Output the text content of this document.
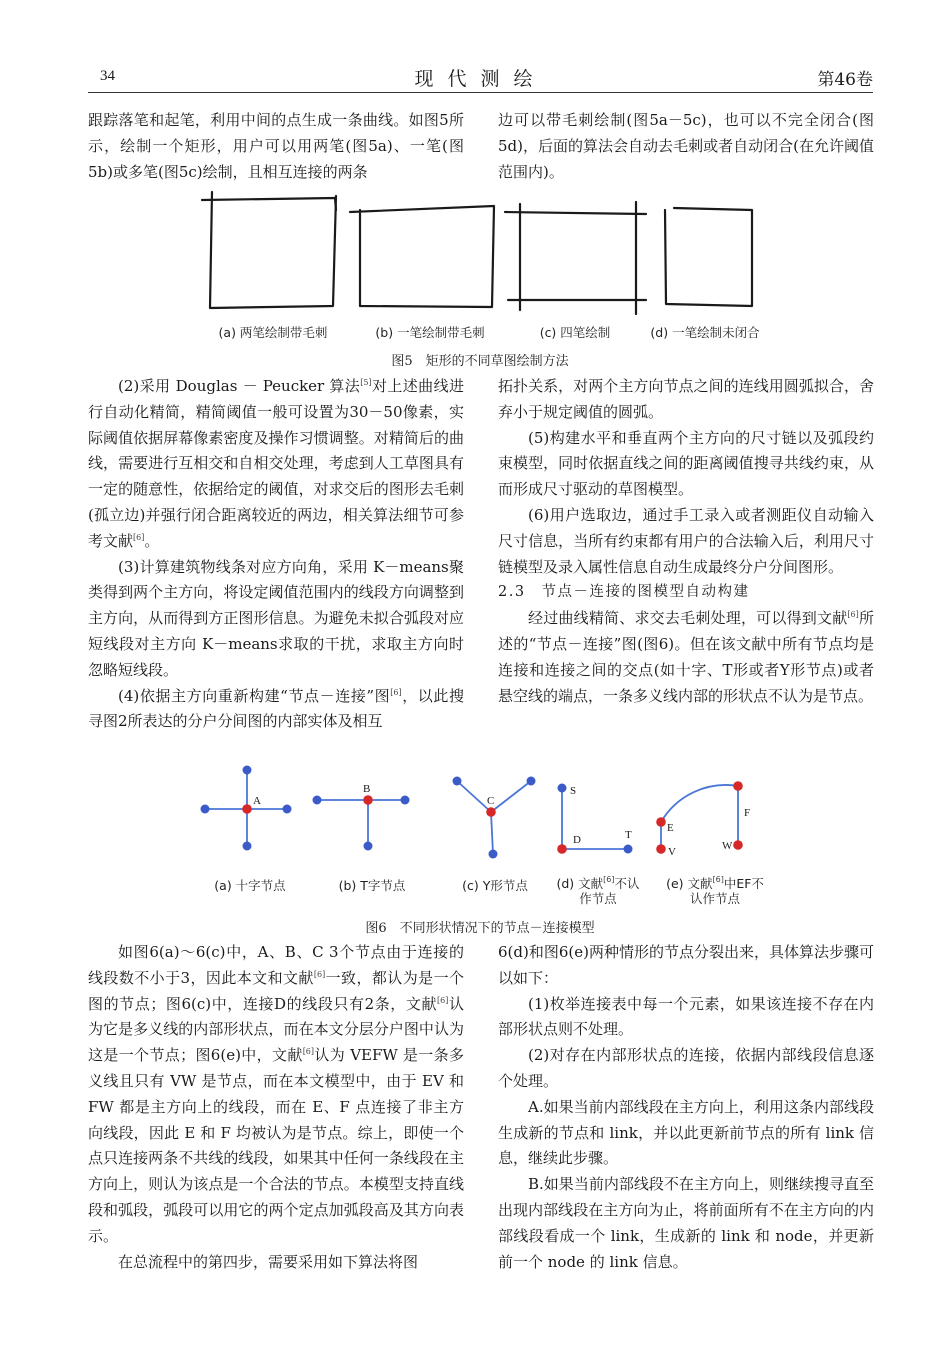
34	现代测绘	第46卷

跟踪落笔和起笔，利用中间的点生成一条曲线。如图5所示，绘制一个矩形，用户可以用两笔(图5a)、一笔(图5b)或多笔(图5c)绘制，且相互连接的两条

边可以带毛刺绘制(图5a－5c)，也可以不完全闭合(图5d)，后面的算法会自动去毛刺或者自动闭合(在允许阈值范围内)。

(a) 两笔绘制带毛刺	(b) 一笔绘制带毛刺	(c) 四笔绘制	(d) 一笔绘制未闭合
图5　矩形的不同草图绘制方法

(2)采用 Douglas － Peucker 算法[5]对上述曲线进行自动化精简，精简阈值一般可设置为30－50像素，实际阈值依据屏幕像素密度及操作习惯调整。对精简后的曲线，需要进行互相交和自相交处理，考虑到人工草图具有一定的随意性，依据给定的阈值，对求交后的图形去毛刺(孤立边)并强行闭合距离较近的两边，相关算法细节可参考文献[6]。

(3)计算建筑物线条对应方向角，采用 K－means聚类得到两个主方向，将设定阈值范围内的线段方向调整到主方向，从而得到方正图形信息。为避免未拟合弧段对应短线段对主方向 K－means求取的干扰，求取主方向时忽略短线段。

(4)依据主方向重新构建“节点－连接”图[6]，以此搜寻图2所表达的分户分间图的内部实体及相互

拓扑关系，对两个主方向节点之间的连线用圆弧拟合，舍弃小于规定阈值的圆弧。

(5)构建水平和垂直两个主方向的尺寸链以及弧段约束模型，同时依据直线之间的距离阈值搜寻共线约束，从而形成尺寸驱动的草图模型。

(6)用户选取边，通过手工录入或者测距仪自动输入尺寸信息，当所有约束都有用户的合法输入后，利用尺寸链模型及录入属性信息自动生成最终分户分间图形。

2.3　节点－连接的图模型自动构建

经过曲线精简、求交去毛刺处理，可以得到文献[6]所述的“节点－连接”图(图6)。但在该文献中所有节点均是连接和连接之间的交点(如十字、T形或者Y形节点)或者悬空线的端点，一条多义线内部的形状点不认为是节点。

A
B
C
S
D	T
E
V
F
W
(a) 十字节点	(b) T字节点	(c) Y形节点	(d) 文献[6]不认
作节点
(e) 文献[6]中EF不
认作节点
图6　不同形状情况下的节点－连接模型

如图6(a)～6(c)中，A、B、C 3个节点由于连接的线段数不小于3，因此本文和文献[6]一致，都认为是一个图的节点；图6(c)中，连接D的线段只有2条，文献[6]认为它是多义线的内部形状点，而在本文分层分户图中认为这是一个节点；图6(e)中，文献[6]认为 VEFW 是一条多义线且只有 VW 是节点，而在本文模型中，由于 EV 和 FW 都是主方向上的线段，而在 E、F 点连接了非主方向线段，因此 E 和 F 均被认为是节点。综上，即使一个点只连接两条不共线的线段，如果其中任何一条线段在主方向上，则认为该点是一个合法的节点。本模型支持直线段和弧段，弧段可以用它的两个定点加弧段高及其方向表示。

在总流程中的第四步，需要采用如下算法将图

6(d)和图6(e)两种情形的节点分裂出来，具体算法步骤可以如下：

(1)枚举连接表中每一个元素，如果该连接不存在内部形状点则不处理。

(2)对存在内部形状点的连接，依据内部线段信息逐个处理。

A.如果当前内部线段在主方向上，利用这条内部线段生成新的节点和 link，并以此更新前节点的所有 link 信息，继续此步骤。

B.如果当前内部线段不在主方向上，则继续搜寻直至出现内部线段在主方向为止，将前面所有不在主方向的内部线段看成一个 link，生成新的 link 和 node，并更新前一个 node 的 link 信息。
